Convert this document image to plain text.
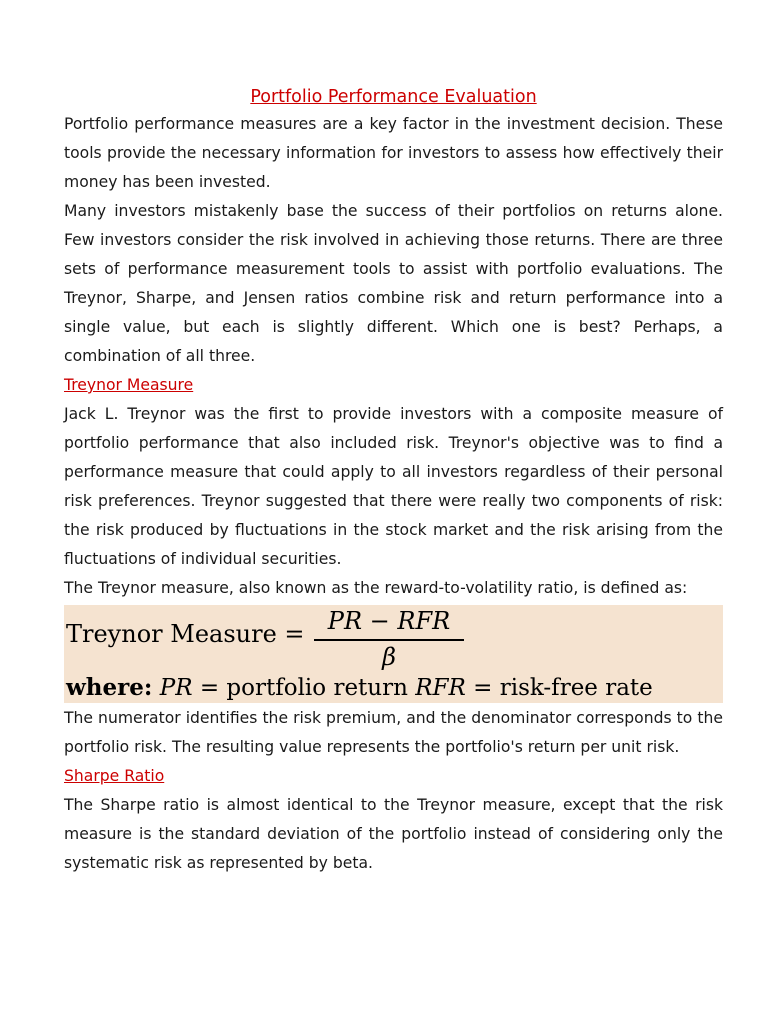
Portfolio Performance Evaluation

Portfolio performance measures are a key factor in the investment decision. These tools provide the necessary information for investors to assess how effectively their money has been invested.

Many investors mistakenly base the success of their portfolios on returns alone. Few investors consider the risk involved in achieving those returns. There are three sets of performance measurement tools to assist with portfolio evaluations. The Treynor, Sharpe, and Jensen ratios combine risk and return performance into a single value, but each is slightly different. Which one is best? Perhaps, a combination of all three.

Treynor Measure

Jack L. Treynor was the first to provide investors with a composite measure of portfolio performance that also included risk. Treynor's objective was to find a performance measure that could apply to all investors regardless of their personal risk preferences. Treynor suggested that there were really two components of risk: the risk produced by fluctuations in the stock market and the risk arising from the fluctuations of individual securities.

The Treynor measure, also known as the reward-to-volatility ratio, is defined as:

Treynor Measure = PR − RFR
β
where: PR = portfolio return RFR = risk-free rate

The numerator identifies the risk premium, and the denominator corresponds to the portfolio risk. The resulting value represents the portfolio's return per unit risk.

Sharpe Ratio

The Sharpe ratio is almost identical to the Treynor measure, except that the risk measure is the standard deviation of the portfolio instead of considering only the systematic risk as represented by beta.
